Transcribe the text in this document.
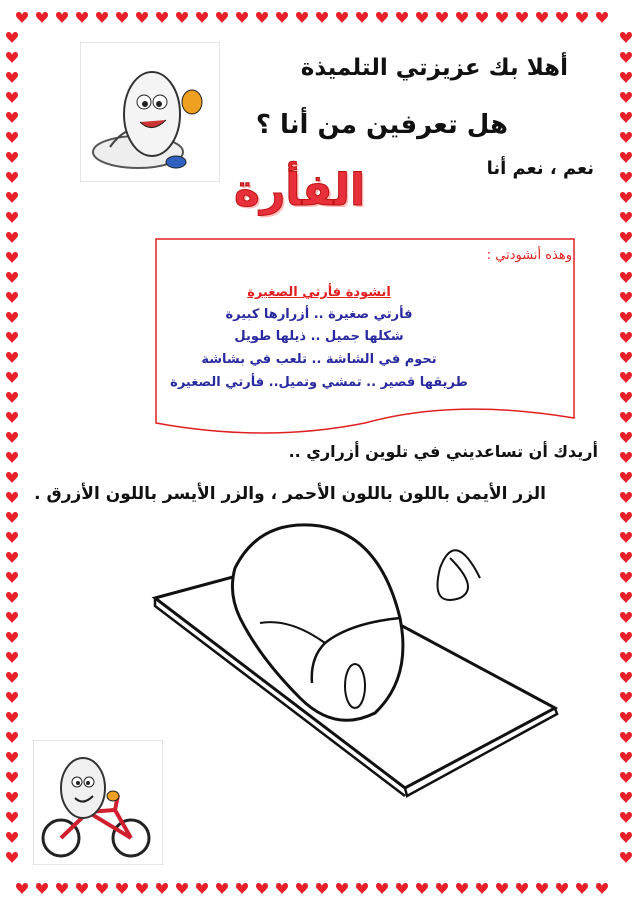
أهلا بك عزيزتي التلميذة
هل تعرفين من أنا ؟
نعم ، نعم أنا
الفأرة
وهذه أنشودتي :
انشودة فأرتي الصغيرة
فأرتي صغيرة .. أزرارها كبيرة
شكلها جميل .. ذيلها طويل
تحوم في الشاشة .. تلعب في بشاشة
طريقها قصير .. تمشي وتميل.. فأرتي الصغيرة
أريدك أن تساعديني في تلوين أزراري ..
الزر الأيمن باللون باللون الأحمر ، والزر الأيسر باللون الأزرق .
